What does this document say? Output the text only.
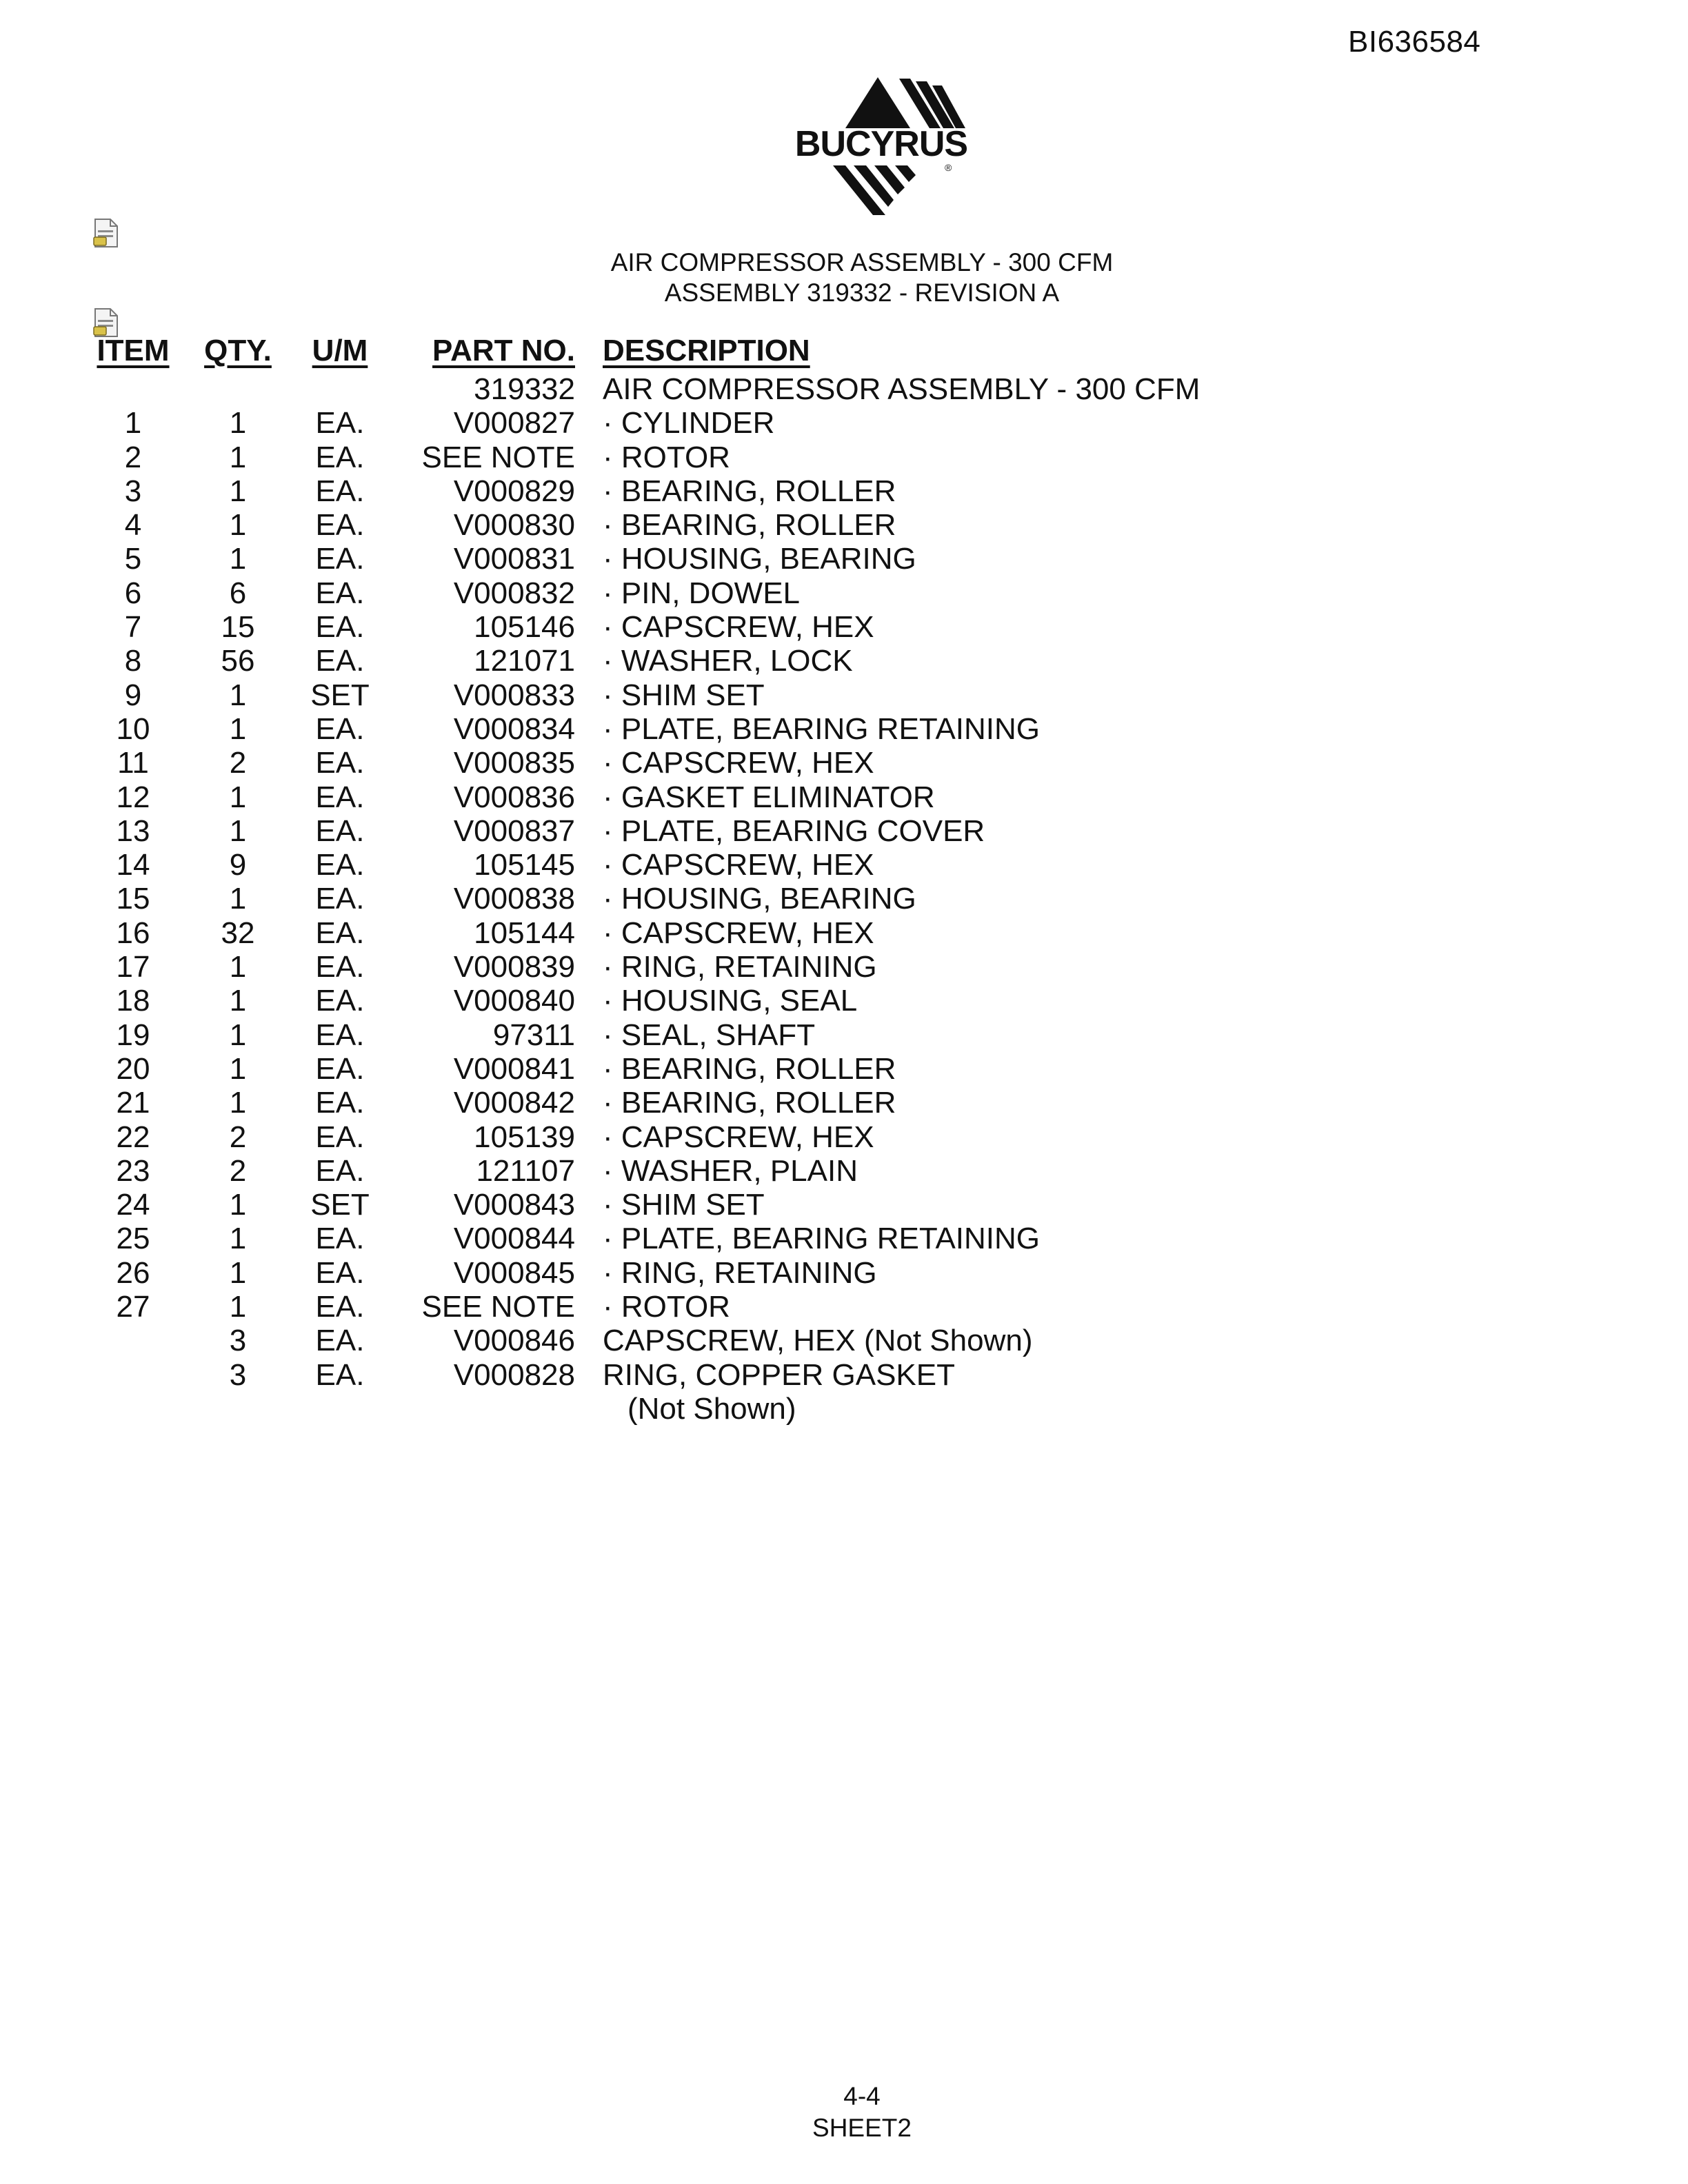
BI636584
BUCYRUS
®
AIR COMPRESSOR ASSEMBLY - 300 CFM
ASSEMBLY 319332 - REVISION A
ITEM	QTY.	U/M	PART NO.	DESCRIPTION
			319332	AIR COMPRESSOR ASSEMBLY - 300 CFM
1	1	EA.	V000827	· CYLINDER
2	1	EA.	SEE NOTE	· ROTOR
3	1	EA.	V000829	· BEARING, ROLLER
4	1	EA.	V000830	· BEARING, ROLLER
5	1	EA.	V000831	· HOUSING, BEARING
6	6	EA.	V000832	· PIN, DOWEL
7	15	EA.	105146	· CAPSCREW, HEX
8	56	EA.	121071	· WASHER, LOCK
9	1	SET	V000833	· SHIM SET
10	1	EA.	V000834	· PLATE, BEARING RETAINING
11	2	EA.	V000835	· CAPSCREW, HEX
12	1	EA.	V000836	· GASKET ELIMINATOR
13	1	EA.	V000837	· PLATE, BEARING COVER
14	9	EA.	105145	· CAPSCREW, HEX
15	1	EA.	V000838	· HOUSING, BEARING
16	32	EA.	105144	· CAPSCREW, HEX
17	1	EA.	V000839	· RING, RETAINING
18	1	EA.	V000840	· HOUSING, SEAL
19	1	EA.	97311	· SEAL, SHAFT
20	1	EA.	V000841	· BEARING, ROLLER
21	1	EA.	V000842	· BEARING, ROLLER
22	2	EA.	105139	· CAPSCREW, HEX
23	2	EA.	121107	· WASHER, PLAIN
24	1	SET	V000843	· SHIM SET
25	1	EA.	V000844	· PLATE, BEARING RETAINING
26	1	EA.	V000845	· RING, RETAINING
27	1	EA.	SEE NOTE	· ROTOR
	3	EA.	V000846	CAPSCREW, HEX (Not Shown)
	3	EA.	V000828	RING, COPPER GASKET
				(Not Shown)
4-4
SHEET2
